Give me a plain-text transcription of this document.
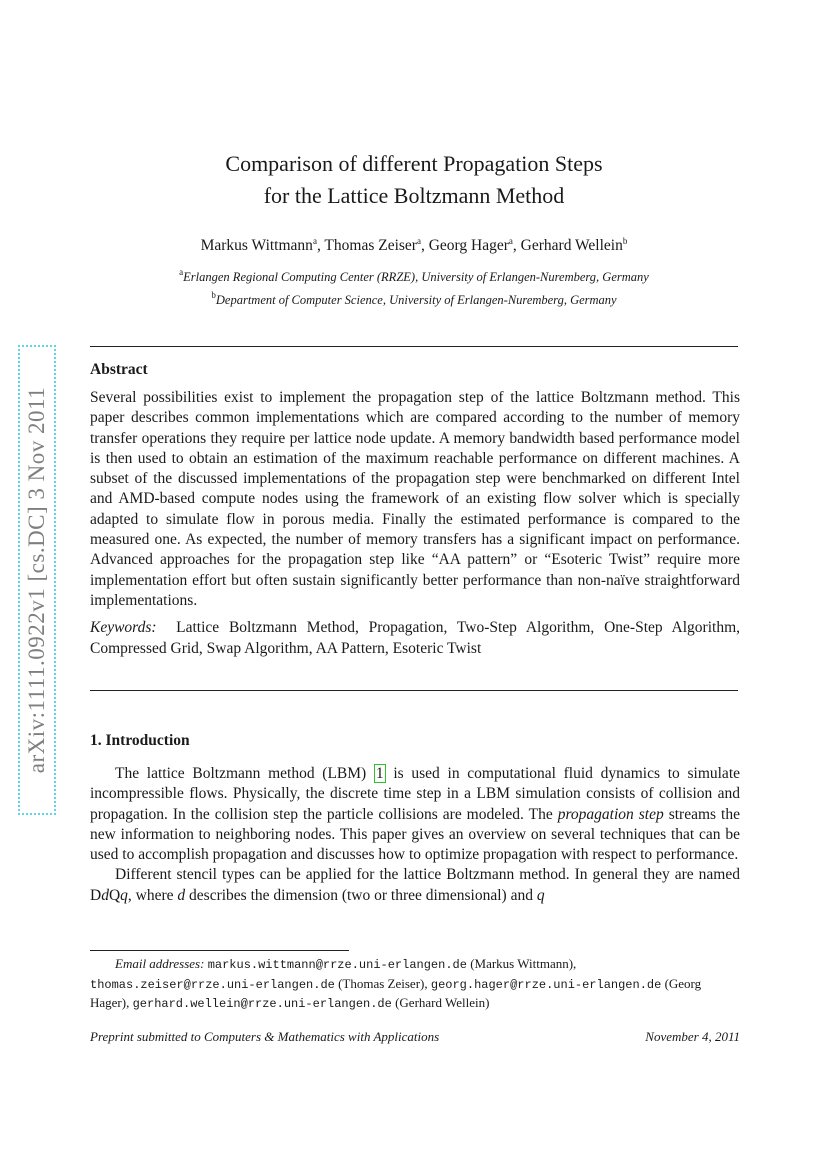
arXiv:1111.0922v1 [cs.DC] 3 Nov 2011
Comparison of different Propagation Steps
for the Lattice Boltzmann Method
Markus Wittmann$^a$, Thomas Zeiser$^a$, Georg Hager$^a$, Gerhard Wellein$^b$
$^a$Erlangen Regional Computing Center (RRZE), University of Erlangen-Nuremberg, Germany
$^b$Department of Computer Science, University of Erlangen-Nuremberg, Germany
Abstract

Several possibilities exist to implement the propagation step of the lattice Boltzmann method. This paper describes common implementations which are compared according to the number of memory transfer operations they require per lattice node update. A memory bandwidth based performance model is then used to obtain an estimation of the maximum reachable performance on different machines. A subset of the discussed implementations of the propagation step were benchmarked on different Intel and AMD-based compute nodes using the framework of an existing flow solver which is specially adapted to simulate flow in porous media. Finally the estimated performance is compared to the measured one. As expected, the number of memory transfers has a significant impact on performance. Advanced approaches for the propagation step like “AA pattern” or “Esoteric Twist” require more implementation effort but often sustain significantly better performance than non-naïve straightforward implementations.

Keywords: Lattice Boltzmann Method, Propagation, Two-Step Algorithm, One-Step Algorithm, Compressed Grid, Swap Algorithm, AA Pattern, Esoteric Twist

1. Introduction

The lattice Boltzmann method (LBM) 1 is used in computational fluid dynamics to simulate incompressible flows. Physically, the discrete time step in a LBM simulation consists of collision and propagation. In the collision step the particle collisions are modeled. The propagation step streams the new information to neighboring nodes. This paper gives an overview on several techniques that can be used to accomplish propagation and discusses how to optimize propagation with respect to performance.

Different stencil types can be applied for the lattice Boltzmann method. In general they are named DdQq, where d describes the dimension (two or three dimensional) and q

Email addresses: markus.wittmann@rrze.uni-erlangen.de (Markus Wittmann), thomas.zeiser@rrze.uni-erlangen.de (Thomas Zeiser), georg.hager@rrze.uni-erlangen.de (Georg Hager), gerhard.wellein@rrze.uni-erlangen.de (Gerhard Wellein)
Preprint submitted to Computers & Mathematics with Applications	November 4, 2011
